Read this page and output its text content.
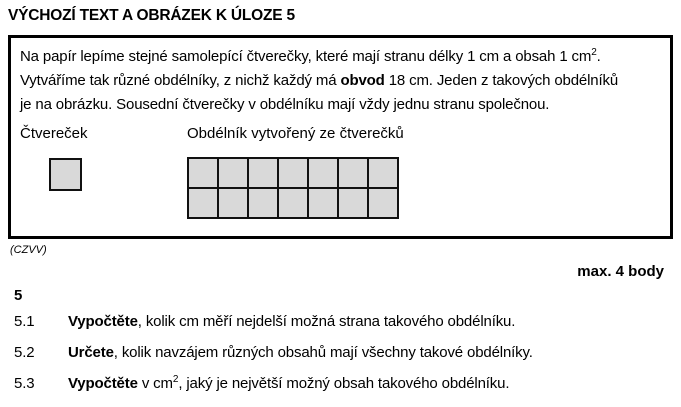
VÝCHOZÍ TEXT A OBRÁZEK K ÚLOZE 5
Na papír lepíme stejné samolepící čtverečky, které mají stranu délky 1 cm a obsah 1 $cm^2$.
Vytváříme tak různé obdélníky, z nichž každý má obvod 18 cm. Jeden z takových obdélníků
je na obrázku. Sousední čtverečky v obdélníku mají vždy jednu stranu společnou.
Čtvereček	Obdélník vytvořený ze čtverečků
(CZVV)
max. 4 body
5
5.1 Vypočtěte, kolik cm měří nejdelší možná strana takového obdélníku.
5.2 Určete, kolik navzájem různých obsahů mají všechny takové obdélníky.
5.3 Vypočtěte v $cm^2$, jaký je největší možný obsah takového obdélníku.
